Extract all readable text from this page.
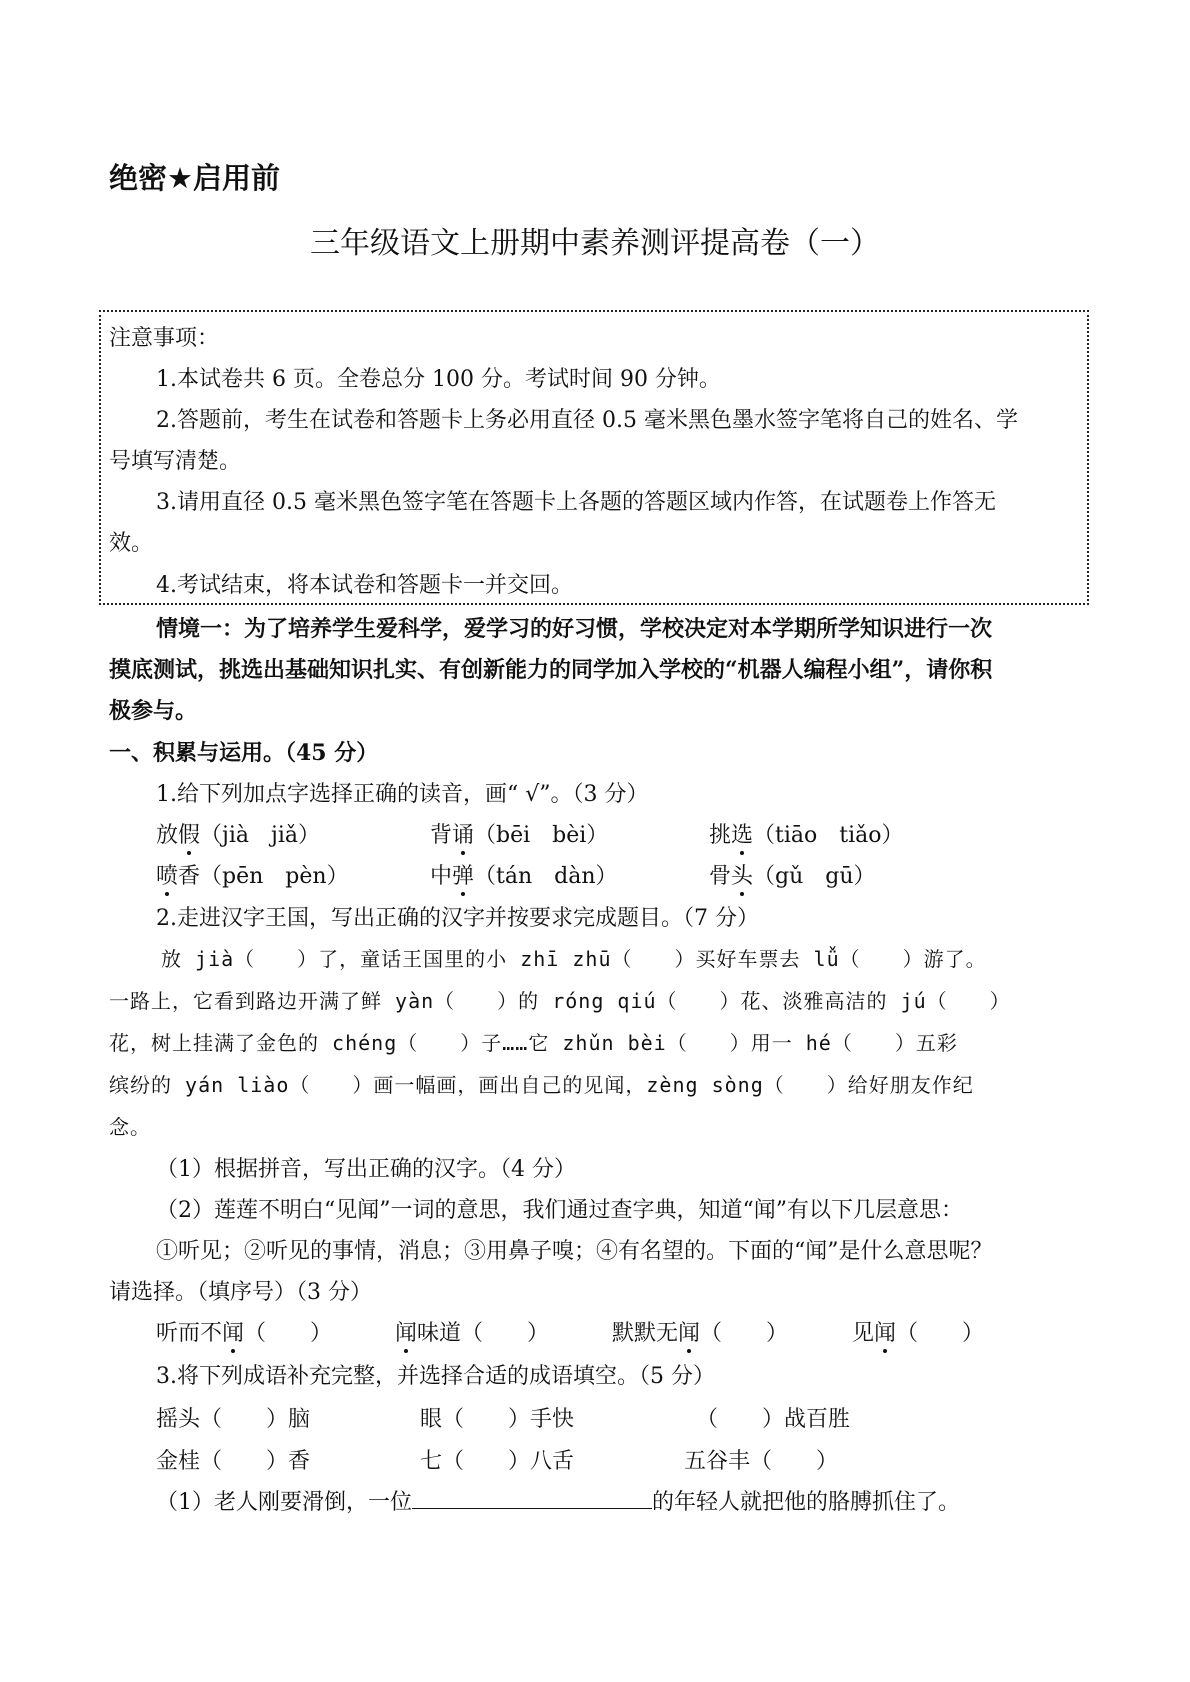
绝密★启用前
三年级语文上册期中素养测评提高卷（一）
注意事项：
1.本试卷共 6 页。全卷总分 100 分。考试时间 90 分钟。
2.答题前，考生在试卷和答题卡上务必用直径 0.5 毫米黑色墨水签字笔将自己的姓名、学
号填写清楚。
3.请用直径 0.5 毫米黑色签字笔在答题卡上各题的答题区域内作答，在试题卷上作答无
效。
4.考试结束，将本试卷和答题卡一并交回。
情境一：为了培养学生爱科学，爱学习的好习惯，学校决定对本学期所学知识进行一次
摸底测试，挑选出基础知识扎实、有创新能力的同学加入学校的“机器人编程小组”，请你积
极参与。
一、积累与运用。（45 分）
1.给下列加点字选择正确的读音，画“ √”。（3 分）
放假（jià　jiǎ）	背诵（bēi　bèi）	挑选（tiāo　tiǎo）
喷香（pēn　pèn）	中弹（tán　dàn）	骨头（gǔ　gū）
2.走进汉字王国，写出正确的汉字并按要求完成题目。（7 分）
　放 jià（　　）了，童话王国里的小 zhī zhū（　　）买好车票去 lǚ（　　）游了。
一路上，它看到路边开满了鲜 yàn（　　）的 róng qiú（　　）花、淡雅高洁的 jú（　　）
花，树上挂满了金色的 chéng（　　）子……它 zhǔn bèi（　　）用一 hé（　　）五彩
缤纷的 yán liào（　　）画一幅画，画出自己的见闻，zèng sòng（　　）给好朋友作纪
念。
（1）根据拼音，写出正确的汉字。（4 分）
（2）莲莲不明白“见闻”一词的意思，我们通过查字典，知道“闻”有以下几层意思：
①听见；②听见的事情，消息；③用鼻子嗅；④有名望的。下面的“闻”是什么意思呢？
请选择。（填序号）（3 分）
听而不闻（　　）	闻味道（　　）	默默无闻（　　）	见闻（　　）
3.将下列成语补充完整，并选择合适的成语填空。（5 分）
摇头（　　）脑	眼（　　）手快	（　　）战百胜
金桂（　　）香	七（　　）八舌	五谷丰（　　）
（1）老人刚要滑倒，一位	的年轻人就把他的胳膊抓住了。
